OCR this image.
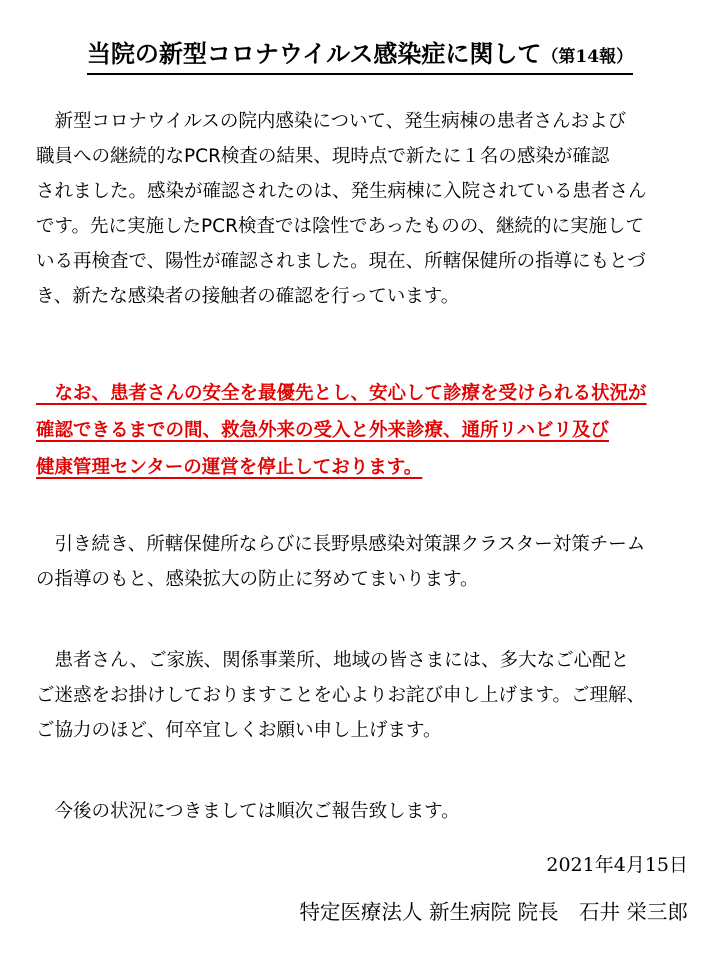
当院の新型コロナウイルス感染症に関して（第14報）
　新型コロナウイルスの院内感染について、発生病棟の患者さんおよび
職員への継続的なPCR検査の結果、現時点で新たに１名の感染が確認
されました。感染が確認されたのは、発生病棟に入院されている患者さん
です。先に実施したPCR検査では陰性であったものの、継続的に実施して
いる再検査で、陽性が確認されました。現在、所轄保健所の指導にもとづ
き、新たな感染者の接触者の確認を行っています。
　なお、患者さんの安全を最優先とし、安心して診療を受けられる状況が
確認できるまでの間、救急外来の受入と外来診療、通所リハビリ及び
健康管理センターの運営を停止しております。
　引き続き、所轄保健所ならびに長野県感染対策課クラスター対策チーム
の指導のもと、感染拡大の防止に努めてまいります。
　患者さん、ご家族、関係事業所、地域の皆さまには、多大なご心配と
ご迷惑をお掛けしておりますことを心よりお詫び申し上げます。ご理解、
ご協力のほど、何卒宜しくお願い申し上げます。
　今後の状況につきましては順次ご報告致します。
2021年4月15日
特定医療法人 新生病院 院長　石井 栄三郎
